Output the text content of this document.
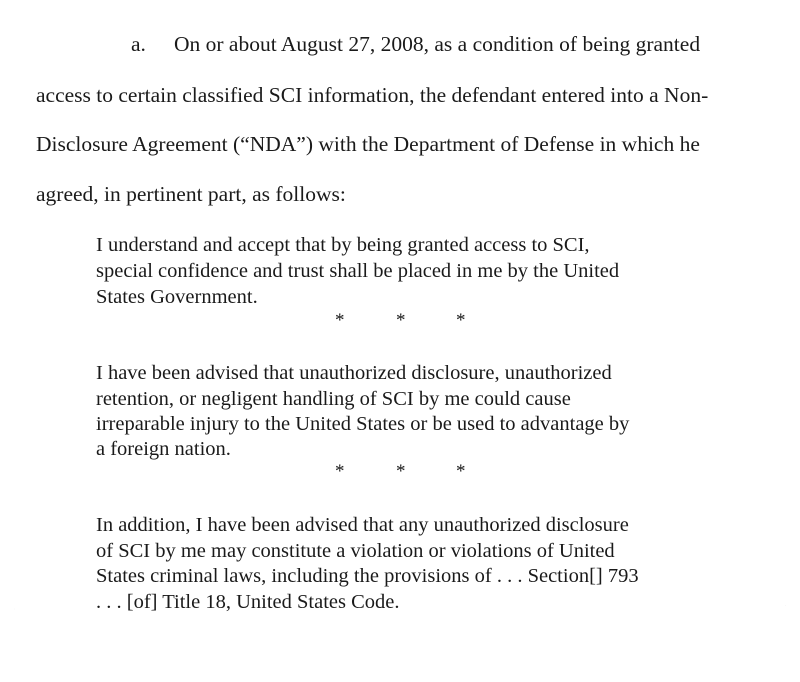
a. On or about August 27, 2008, as a condition of being granted
access to certain classified SCI information, the defendant entered into a Non-
Disclosure Agreement (“NDA”) with the Department of Defense in which he
agreed, in pertinent part, as follows:
I understand and accept that by being granted access to SCI,
special confidence and trust shall be placed in me by the United
States Government.
*	*	*
I have been advised that unauthorized disclosure, unauthorized
retention, or negligent handling of SCI by me could cause
irreparable injury to the United States or be used to advantage by
a foreign nation.
*	*	*
In addition, I have been advised that any unauthorized disclosure
of SCI by me may constitute a violation or violations of United
States criminal laws, including the provisions of . . . Section[] 793
. . . [of] Title 18, United States Code.
